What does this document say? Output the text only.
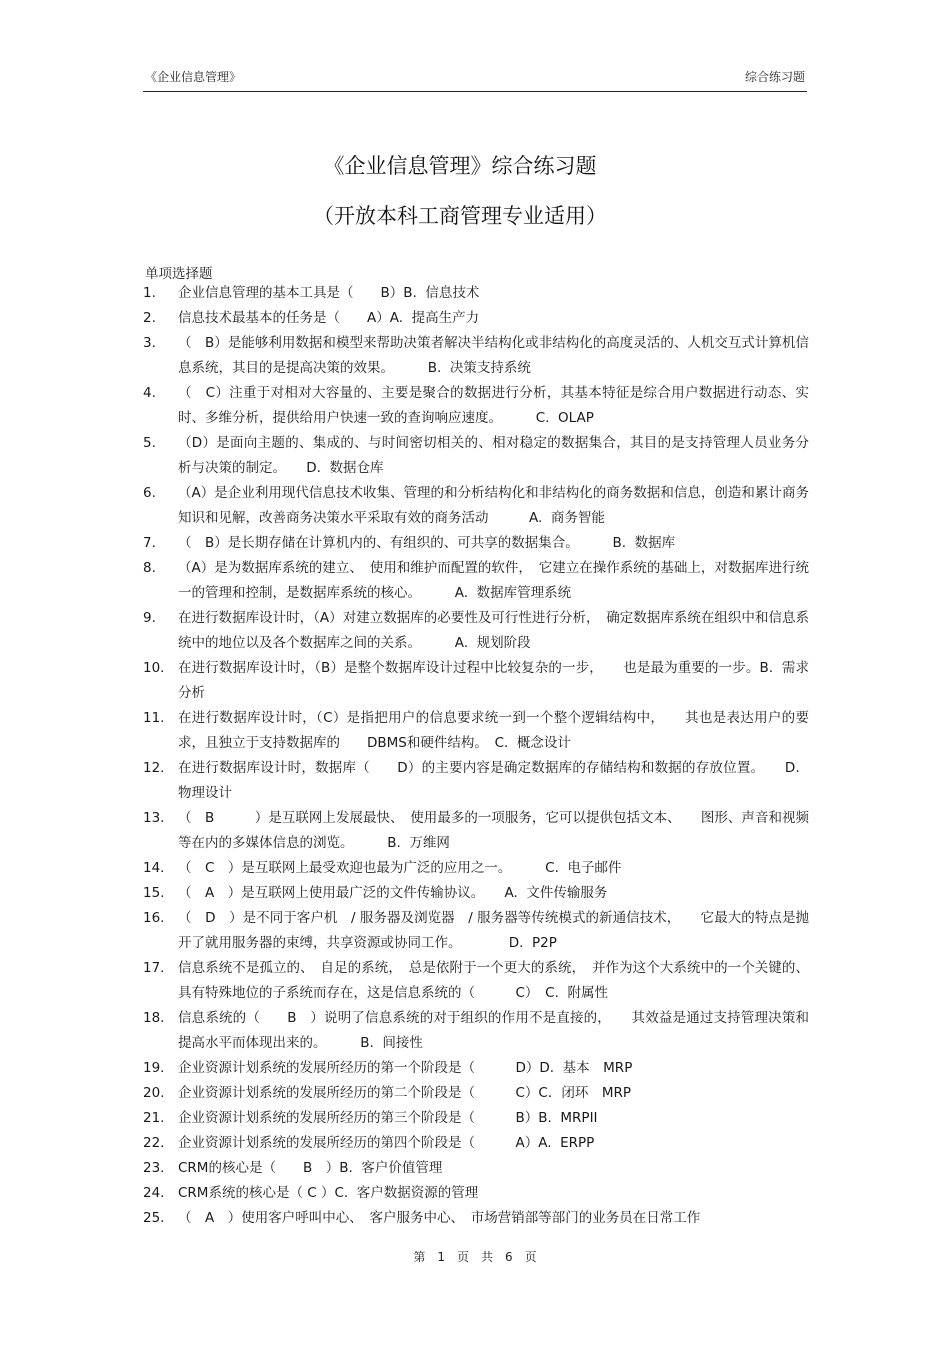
《企业信息管理》	综合练习题
《企业信息管理》综合练习题
（开放本科工商管理专业适用）
单项选择题
1.	企业信息管理的基本工具是（　　B）B.  信息技术
2.	信息技术最基本的任务是（　　A）A.  提高生产力
3.	（　B）是能够利用数据和模型来帮助决策者解决半结构化或非结构化的高度灵活的、人机交互式计算机信息系统，其目的是提高决策的效果。　　　B.  决策支持系统
4.	（　C）注重于对相对大容量的、主要是聚合的数据进行分析，其基本特征是综合用户数据进行动态、实时、多维分析，提供给用户快速一致的查询响应速度。　　　C.  OLAP
5.	（D）是面向主题的、集成的、与时间密切相关的、相对稳定的数据集合，其目的是支持管理人员业务分析与决策的制定。　　D.  数据仓库
6.	（A）是企业利用现代信息技术收集、管理的和分析结构化和非结构化的商务数据和信息，创造和累计商务知识和见解，改善商务决策水平采取有效的商务活动　　　A.  商务智能
7.	（　B）是长期存储在计算机内的、有组织的、可共享的数据集合。　　　B.  数据库
8.	（A）是为数据库系统的建立、　使用和维护而配置的软件，　它建立在操作系统的基础上，对数据库进行统一的管理和控制，是数据库系统的核心。　　　A.  数据库管理系统
9.	在进行数据库设计时，（A）对建立数据库的必要性及可行性进行分析，　确定数据库系统在组织中和信息系统中的地位以及各个数据库之间的关系。　　　A.  规划阶段
10.	在进行数据库设计时，（B）是整个数据库设计过程中比较复杂的一步，　　也是最为重要的一步。B.  需求分析
11.	在进行数据库设计时，（C）是指把用户的信息要求统一到一个整个逻辑结构中，　　其也是表达用户的要求，且独立于支持数据库的　　DBMS和硬件结构。　C.  概念设计
12.	在进行数据库设计时，数据库（　　D）的主要内容是确定数据库的存储结构和数据的存放位置。　　D．物理设计
13.	（　B　　　）是互联网上发展最快、　使用最多的一项服务，它可以提供包括文本、　　图形、声音和视频等在内的多媒体信息的浏览。　　　B.  万维网
14.	（　C　）是互联网上最受欢迎也最为广泛的应用之一。　　　C.  电子邮件
15.	（　A　）是互联网上使用最广泛的文件传输协议。　　A.  文件传输服务
16.	（　D　）是不同于客户机　/ 服务器及浏览器　/ 服务器等传统模式的新通信技术，　　它最大的特点是抛开了就用服务器的束缚，共享资源或协同工作。　　　　D.  P2P
17.	信息系统不是孤立的、　自足的系统，　总是依附于一个更大的系统，　并作为这个大系统中的一个关键的、具有特殊地位的子系统而存在，这是信息系统的（　　　C）　C.  附属性
18.	信息系统的（　　B　）说明了信息系统的对于组织的作用不是直接的，　　其效益是通过支持管理决策和提高水平而体现出来的。　　　B.  间接性
19.	企业资源计划系统的发展所经历的第一个阶段是（　　　D）D.  基本　MRP
20.	企业资源计划系统的发展所经历的第二个阶段是（　　　C）C．闭环　MRP
21.	企业资源计划系统的发展所经历的第三个阶段是（　　　B）B.  MRPII
22.	企业资源计划系统的发展所经历的第四个阶段是（　　　A）A.  ERPP
23.	CRM的核心是（　　B　）B.  客户价值管理
24.	CRM系统的核心是（ C ）C.  客户数据资源的管理
25.	（　A　）使用客户呼叫中心、　客户服务中心、　市场营销部等部门的业务员在日常工作
第　1　页　共　6　页
